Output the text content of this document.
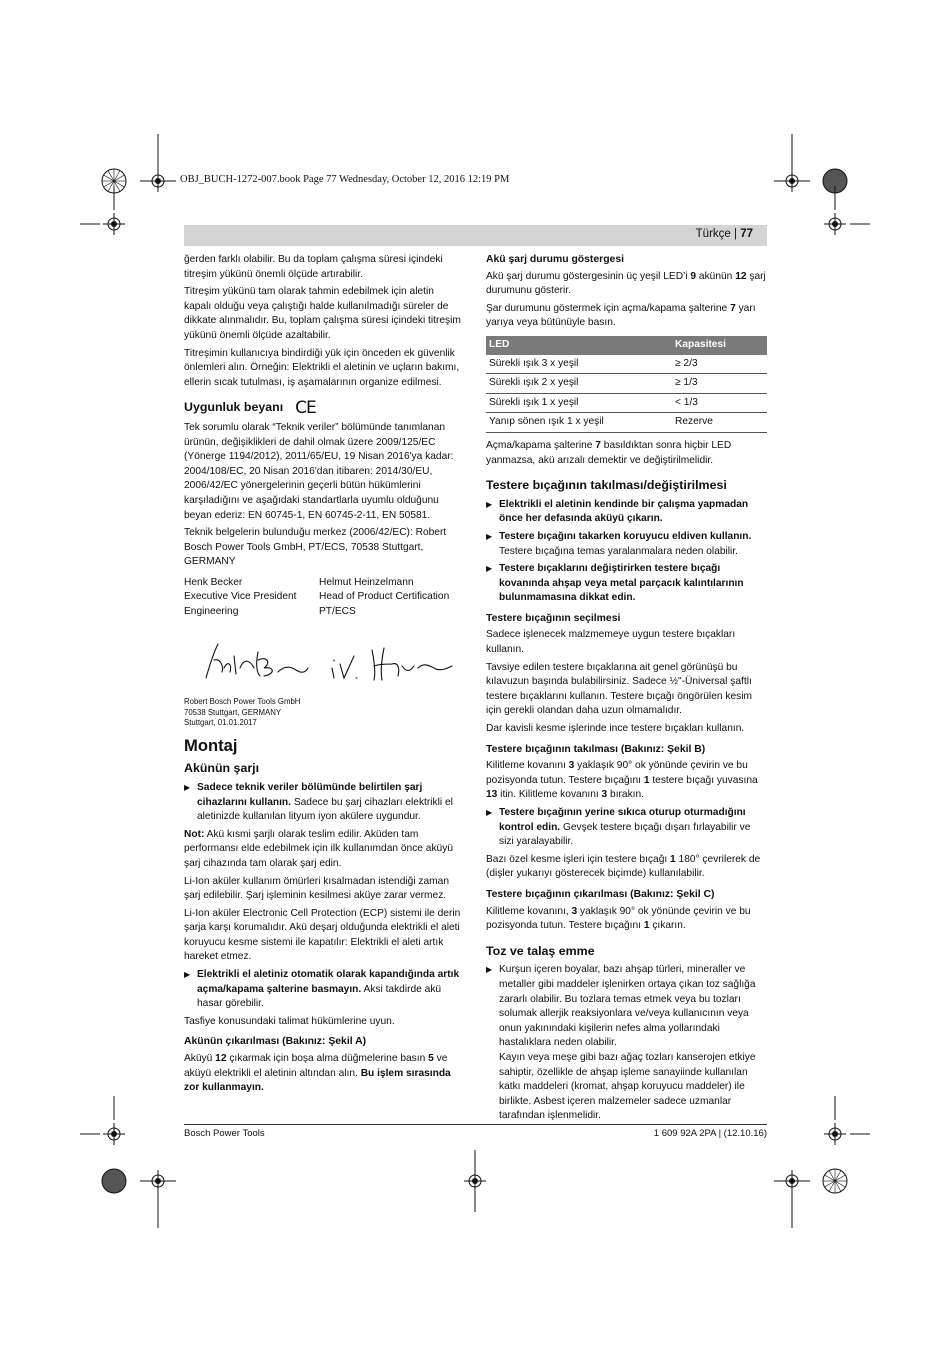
OBJ_BUCH-1272-007.book Page 77 Wednesday, October 12, 2016 12:19 PM
Türkçe | 77

ğerden farklı olabilir. Bu da toplam çalışma süresi içindeki titreşim yükünü önemli ölçüde artırabilir.

Titreşim yükünü tam olarak tahmin edebilmek için aletin kapalı olduğu veya çalıştığı halde kullanılmadığı süreler de dikkate alınmalıdır. Bu, toplam çalışma süresi içindeki titreşim yükünü önemli ölçüde azaltabilir.

Titreşimin kullanıcıya bindirdiği yük için önceden ek güvenlik önlemleri alın. Örneğin: Elektrikli el aletinin ve uçların bakımı, ellerin sıcak tutulması, iş aşamalarının organize edilmesi.

Uygunluk beyanı CE

Tek sorumlu olarak “Teknik veriler” bölümünde tanımlanan ürünün, değişiklikleri de dahil olmak üzere 2009/125/EC (Yönerge 1194/2012), 2011/65/EU, 19 Nisan 2016'ya kadar: 2004/108/EC, 20 Nisan 2016'dan itibaren: 2014/30/EU, 2006/42/EC yönergelerinin geçerli bütün hükümlerini karşıladığını ve aşağıdaki standartlarla uyumlu olduğunu beyan ederiz: EN 60745-1, EN 60745-2-11, EN 50581.

Teknik belgelerin bulunduğu merkez (2006/42/EC): Robert Bosch Power Tools GmbH, PT/ECS, 70538 Stuttgart, GERMANY

Henk Becker
Executive Vice President Engineering
Helmut Heinzelmann
Head of Product Certification PT/ECS
Robert Bosch Power Tools GmbH
70538 Stuttgart, GERMANY
Stuttgart, 01.01.2017
Montaj
Akünün şarjı
▶ Sadece teknik veriler bölümünde belirtilen şarj cihazlarını kullanın. Sadece bu şarj cihazları elektrikli el aletinizde kullanılan lityum iyon akülere uygundur.

Not: Akü kısmi şarjlı olarak teslim edilir. Aküden tam performansı elde edebilmek için ilk kullanımdan önce aküyü şarj cihazında tam olarak şarj edin.

Li-Ion aküler kullanım ömürleri kısalmadan istendiği zaman şarj edilebilir. Şarj işleminin kesilmesi aküye zarar vermez.

Li-Ion aküler Electronic Cell Protection (ECP) sistemi ile derin şarja karşı korumalıdır. Akü deşarj olduğunda elektrikli el aleti koruyucu kesme sistemi ile kapatılır: Elektrikli el aleti artık hareket etmez.

▶ Elektrikli el aletiniz otomatik olarak kapandığında artık açma/kapama şalterine basmayın. Aksi takdirde akü hasar görebilir.

Tasfiye konusundaki talimat hükümlerine uyun.

Akünün çıkarılması (Bakınız: Şekil A)

Aküyü 12 çıkarmak için boşa alma düğmelerine basın 5 ve aküyü elektrikli el aletinin altından alın. Bu işlem sırasında zor kullanmayın.

Akü şarj durumu göstergesi

Akü şarj durumu göstergesinin üç yeşil LED’i 9 akünün 12 şarj durumunu gösterir.

Şar durumunu göstermek için açma/kapama şalterine 7 yarı yarıya veya bütünüyle basın.

LED	Kapasitesi
Sürekli ışık 3 x yeşil	≥ 2/3
Sürekli ışık 2 x yeşil	≥ 1/3
Sürekli ışık 1 x yeşil	< 1/3
Yanıp sönen ışık 1 x yeşil	Rezerve

Açma/kapama şalterine 7 basıldıktan sonra hiçbir LED yanmazsa, akü arızalı demektir ve değiştirilmelidir.

Testere bıçağının takılması/değiştirilmesi
▶ Elektrikli el aletinin kendinde bir çalışma yapmadan önce her defasında aküyü çıkarın.
▶ Testere bıçağını takarken koruyucu eldiven kullanın. Testere bıçağına temas yaralanmalara neden olabilir.
▶ Testere bıçaklarını değiştirirken testere bıçağı kovanında ahşap veya metal parçacık kalıntılarının bulunmamasına dikkat edin.
Testere bıçağının seçilmesi

Sadece işlenecek malzmemeye uygun testere bıçakları kullanın.

Tavsiye edilen testere bıçaklarına ait genel görünüşü bu kılavuzun başında bulabilirsiniz. Sadece ½"-Üniversal şaftlı testere bıçaklarını kullanın. Testere bıçağı öngörülen kesim için gerekli olandan daha uzun olmamalıdır.

Dar kavisli kesme işlerinde ince testere bıçakları kullanın.

Testere bıçağının takılması (Bakınız: Şekil B)

Kilitleme kovanını 3 yaklaşık 90° ok yönünde çevirin ve bu pozisyonda tutun. Testere bıçağını 1 testere bıçağı yuvasına 13 itin. Kilitleme kovanını 3 bırakın.

▶ Testere bıçağının yerine sıkıca oturup oturmadığını kontrol edin. Gevşek testere bıçağı dışarı fırlayabilir ve sizi yaralayabilir.

Bazı özel kesme işleri için testere bıçağı 1 180° çevrilerek de (dişler yukarıyı gösterecek biçimde) kullanılabilir.

Testere bıçağının çıkarılması (Bakınız: Şekil C)

Kilitleme kovanını, 3 yaklaşık 90° ok yönünde çevirin ve bu pozisyonda tutun. Testere bıçağını 1 çıkarın.

Toz ve talaş emme
▶ Kurşun içeren boyalar, bazı ahşap türleri, mineraller ve metaller gibi maddeler işlenirken ortaya çıkan toz sağlığa zararlı olabilir. Bu tozlara temas etmek veya bu tozları solumak allerjik reaksiyonlara ve/veya kullanıcının veya onun yakınındaki kişilerin nefes alma yollarındaki hastalıklara neden olabilir.
Kayın veya meşe gibi bazı ağaç tozları kanserojen etkiye sahiptir, özellikle de ahşap işleme sanayiinde kullanılan katkı maddeleri (kromat, ahşap koruyucu maddeler) ile birlikte. Asbest içeren malzemeler sadece uzmanlar tarafından işlenmelidir.
Bosch Power Tools	1 609 92A 2PA | (12.10.16)
